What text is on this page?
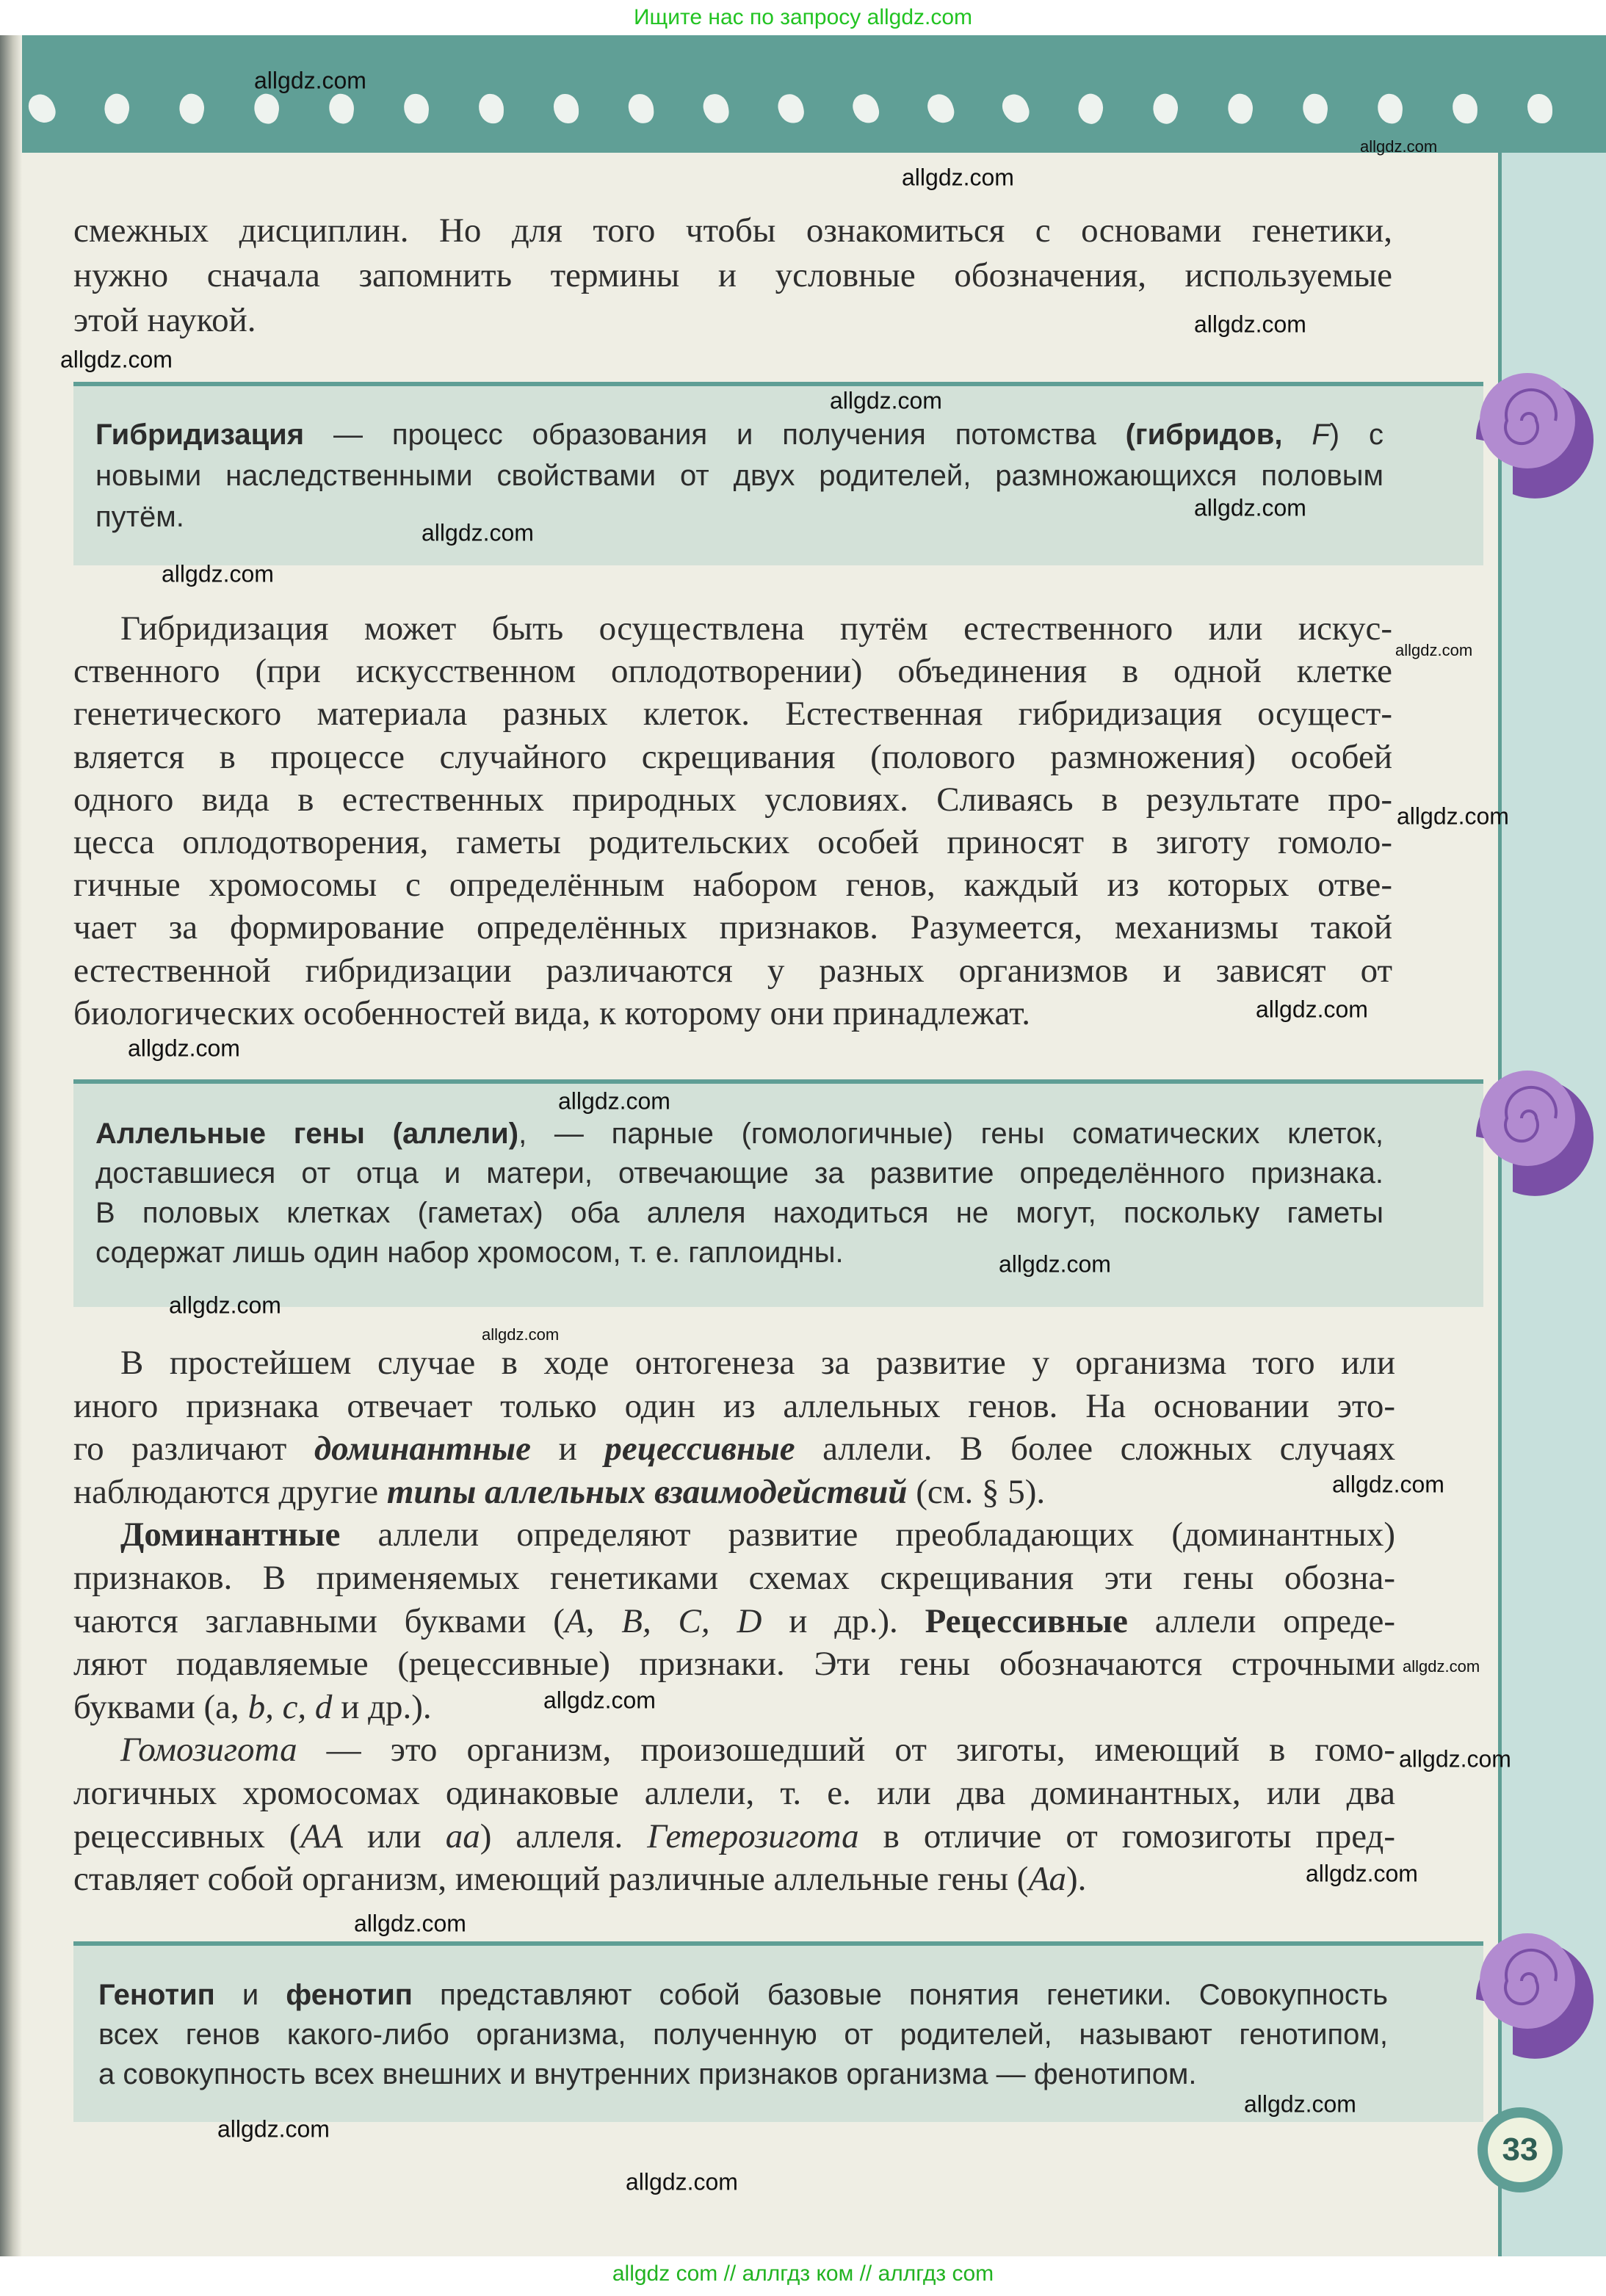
Ищите нас по запросу allgdz.com
смежных дисциплин. Но для того чтобы ознакомиться с основами генетики,
нужно сначала запомнить термины и условные обозначения, используемые
этой наукой.
Гибридизация — процесс образования и получения потомства (гибридов, F) с
новыми наследственными свойствами от двух родителей, размножающихся половым
путём.
Гибридизация может быть осуществлена путём естественного или искус-
ственного (при искусственном оплодотворении) объединения в одной клетке
генетического материала разных клеток. Естественная гибридизация осущест-
вляется в процессе случайного скрещивания (полового размножения) особей
одного вида в естественных природных условиях. Сливаясь в результате про-
цесса оплодотворения, гаметы родительских особей приносят в зиготу гомоло-
гичные хромосомы с определённым набором генов, каждый из которых отве-
чает за формирование определённых признаков. Разумеется, механизмы такой
естественной гибридизации различаются у разных организмов и зависят от
биологических особенностей вида, к которому они принадлежат.
Аллельные гены (аллели), — парные (гомологичные) гены соматических клеток,
доставшиеся от отца и матери, отвечающие за развитие определённого признака.
В половых клетках (гаметах) оба аллеля находиться не могут, поскольку гаметы
содержат лишь один набор хромосом, т. е. гаплоидны.
В простейшем случае в ходе онтогенеза за развитие у организма того или
иного признака отвечает только один из аллельных генов. На основании это-
го различают доминантные и рецессивные аллели. В более сложных случаях
наблюдаются другие типы аллельных взаимодействий (см. § 5).
Доминантные аллели определяют развитие преобладающих (доминантных)
признаков. В применяемых генетиками схемах скрещивания эти гены обозна-
чаются заглавными буквами (A, B, C, D и др.). Рецессивные аллели опреде-
ляют подавляемые (рецессивные) признаки. Эти гены обозначаются строчными
буквами (a, b, c, d и др.).
Гомозигота — это организм, произошедший от зиготы, имеющий в гомо-
логичных хромосомах одинаковые аллели, т. е. или два доминантных, или два
рецессивных (АА или аа) аллеля. Гетерозигота в отличие от гомозиготы пред-
ставляет собой организм, имеющий различные аллельные гены (Аа).
Генотип и фенотип представляют собой базовые понятия генетики. Совокупность
всех генов какого-либо организма, полученную от родителей, называют генотипом,
а совокупность всех внешних и внутренних признаков организма — фенотипом.
33
allgdz.com
allgdz.com
allgdz.com
allgdz.com
allgdz.com
allgdz.com
allgdz.com
allgdz.com
allgdz.com
allgdz.com
allgdz.com
allgdz.com
allgdz.com
allgdz.com
allgdz.com
allgdz.com
allgdz.com
allgdz.com
allgdz.com
allgdz.com
allgdz.com
allgdz.com
allgdz.com
allgdz.com
allgdz.com
allgdz.com
allgdz com // аллгдз ком // аллгдз com
